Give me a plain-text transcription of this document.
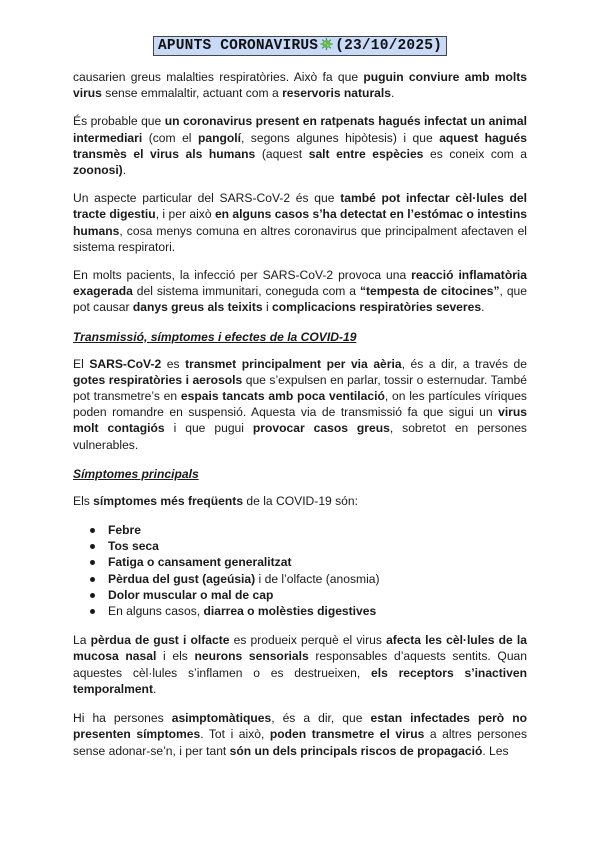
APUNTS CORONAVIRUS (23/10/2025)

causarien greus malalties respiratòries. Això fa que puguin conviure amb molts virus sense emmalaltir, actuant com a reservoris naturals.

És probable que un coronavirus present en ratpenats hagués infectat un animal intermediari (com el pangolí, segons algunes hipòtesis) i que aquest hagués transmès el virus als humans (aquest salt entre espècies es coneix com a zoonosi).

Un aspecte particular del SARS-CoV-2 és que també pot infectar cèl·lules del tracte digestiu, i per això en alguns casos s’ha detectat en l’estómac o intestins humans, cosa menys comuna en altres coronavirus que principalment afectaven el sistema respiratori.

En molts pacients, la infecció per SARS-CoV-2 provoca una reacció inflamatòria exagerada del sistema immunitari, coneguda com a “tempesta de citocines”, que pot causar danys greus als teixits i complicacions respiratòries severes.

Transmissió, símptomes i efectes de la COVID-19

El SARS-CoV-2 es transmet principalment per via aèria, és a dir, a través de gotes respiratòries i aerosols que s’expulsen en parlar, tossir o esternudar. També pot transmetre’s en espais tancats amb poca ventilació, on les partícules víriques poden romandre en suspensió. Aquesta via de transmissió fa que sigui un virus molt contagiós i que pugui provocar casos greus, sobretot en persones vulnerables.

Símptomes principals

Els símptomes més freqüents de la COVID-19 són:

Febre
Tos seca
Fatiga o cansament generalitzat
Pèrdua del gust (ageúsia) i de l’olfacte (anosmia)
Dolor muscular o mal de cap
En alguns casos, diarrea o molèsties digestives

La pèrdua de gust i olfacte es produeix perquè el virus afecta les cèl·lules de la mucosa nasal i els neurons sensorials responsables d’aquests sentits. Quan aquestes cèl·lules s’inflamen o es destrueixen, els receptors s’inactiven temporalment.

Hi ha persones asimptomàtiques, és a dir, que estan infectades però no presenten símptomes. Tot i això, poden transmetre el virus a altres persones sense adonar-se’n, i per tant són un dels principals riscos de propagació. Les
